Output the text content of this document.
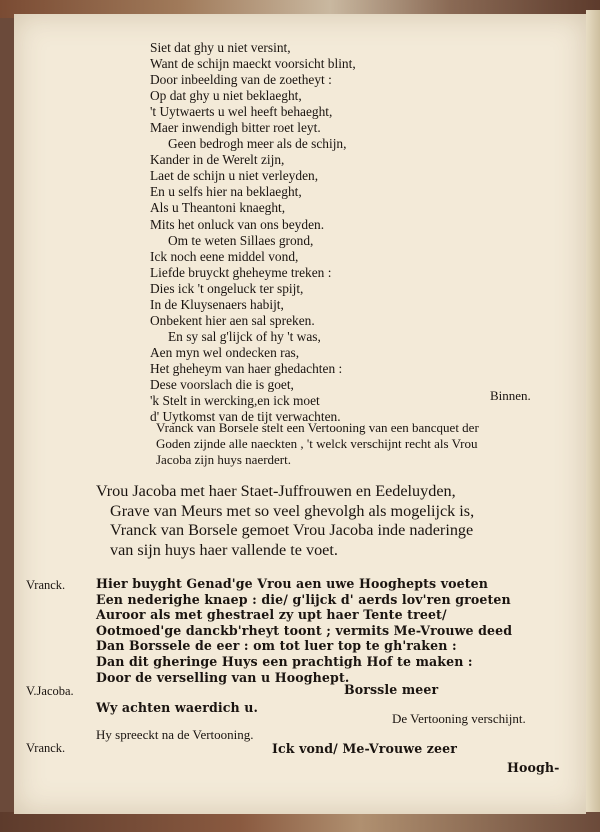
Siet dat ghy u niet versint,
Want de schijn maeckt voorsicht blint,
Door inbeelding van de zoetheyt :
Op dat ghy u niet beklaeght,
't Uytwaerts u wel heeft behaeght,
Maer inwendigh bitter roet leyt.
Geen bedrogh meer als de schijn,
Kander in de Werelt zijn,
Laet de schijn u niet verleyden,
En u selfs hier na beklaeght,
Als u Theantoni knaeght,
Mits het onluck van ons beyden.
Om te weten Sillaes grond,
Ick noch eene middel vond,
Liefde bruyckt gheheyme treken :
Dies ick 't ongeluck ter spijt,
In de Kluysenaers habijt,
Onbekent hier aen sal spreken.
En sy sal g'lijck of hy 't was,
Aen myn wel ondecken ras,
Het gheheym van haer ghedachten :
Dese voorslach die is goet,
'k Stelt in wercking,en ick moet
d' Uytkomst van de tijt verwachten.
Binnen.
Vranck van Borsele stelt een Vertooning van een bancquet der
Goden zijnde alle naeckten , 't welck verschijnt recht als Vrou
Jacoba zijn huys naerdert.
Vrou Jacoba met haer Staet-Juffrouwen en Eedeluyden,
Grave van Meurs met so veel ghevolgh als mogelijck is,
Vranck van Borsele gemoet Vrou Jacoba inde naderinge
van sijn huys haer vallende te voet.
Vranck. Hier buyght Genad'ge Vrou aen uwe Hooghepts voeten
Een nederighe knaep : die/ g'lijck d' aerds lov'ren groeten
Auroor als met ghestrael zy upt haer Tente treet/
Ootmoed'ge danckb'rheyt toont ; vermits Me-Vrouwe deed
Dan Borssele de eer : om tot luer top te gh'raken :
Dan dit gheringe Huys een prachtigh Hof te maken :
Door de verselling van u Hooghept.
Borssle meer
V.Jacoba.
Wy achten waerdich u.
De Vertooning verschijnt.
Hy spreeckt na de Vertooning.
Vranck.	Ick vond/ Me-Vrouwe zeer
Hoogh-
